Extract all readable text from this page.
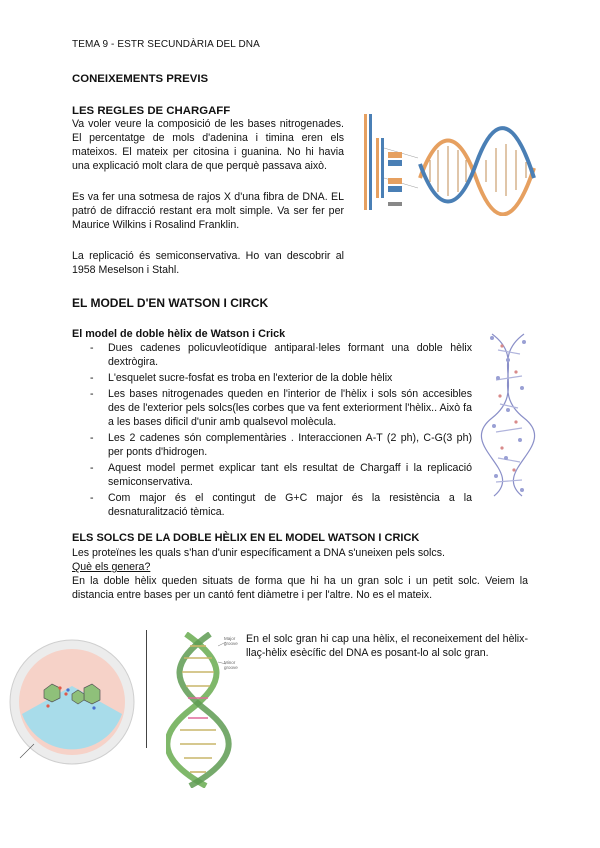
TEMA 9 - ESTR SECUNDÀRIA DEL DNA
CONEIXEMENTS PREVIS
LES REGLES DE CHARGAFF

Va voler veure la composició de les bases nitrogenades. El percentatge de mols d'adenina i timina eren els mateixos. El mateix per citosina i guanina. No hi havia una explicació molt clara de que perquè passava això.

Es va fer una sotmesa de rajos X d'una fibra de DNA. EL patró de difracció restant era molt simple. Va ser fer per Maurice Wilkins i Rosalind Franklin.

La replicació és semiconservativa. Ho van descobrir al 1958 Meselson i Stahl.

EL MODEL D'EN WATSON I CIRCK
El model de doble hèlix de Watson i Crick
- Dues cadenes policuvleotídique antiparal·leles formant una doble hèlix dextrògira.
- L'esquelet sucre-fosfat es troba en l'exterior de la doble hèlix
- Les bases nitrogenades queden en l'interior de l'hèlix i sols són accesibles des de l'exterior pels solcs(les corbes que va fent exteriorment l'hèlix.. Això fa a les bases dificil d'unir amb qualsevol molècula.
- Les 2 cadenes són complementàries . Interaccionen A-T (2 ph), C-G(3 ph) per ponts d'hidrogen.
- Aquest model permet explicar tant els resultat de Chargaff i la replicació semiconservativa.
- Com major és el contingut de G+C major és la resistència a la desnaturalització tèmica.
ELS SOLCS DE LA DOBLE HÈLIX EN EL MODEL WATSON I CRICK

Les proteïnes les quals s'han d'unir específicament a DNA s'uneixen pels solcs.

Què els genera?

En la doble hèlix queden situats de forma que hi ha un gran solc i un petit solc. Veiem la distancia entre bases per un cantó fent diàmetre i per l'altre. No es el mateix.

Major groove
Minor groove

En el solc gran hi cap una hèlix, el reconeixement del hèlix-llaç-hèlix esècífic del DNA es posant-lo al solc gran.
